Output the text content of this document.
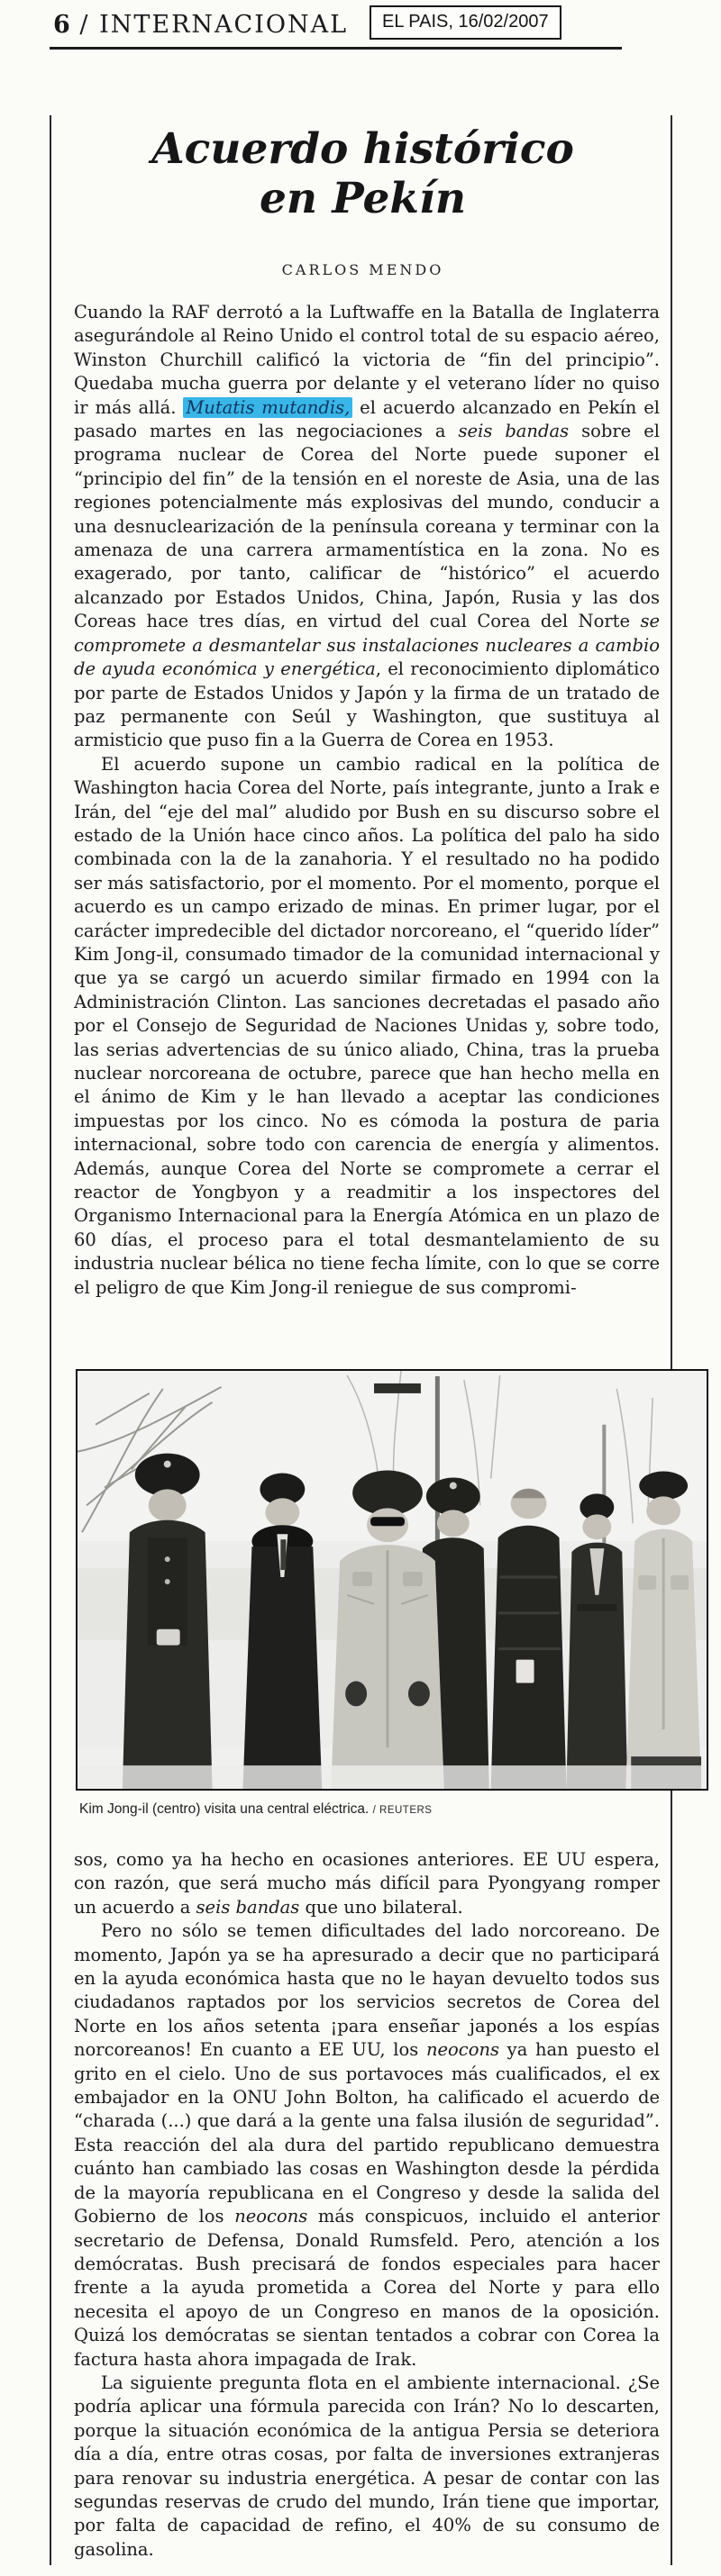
6 / INTERNACIONAL	EL PAIS, 16/02/2007
Acuerdo histórico
en Pekín
CARLOS MENDO

Cuando la RAF derrotó a la Luftwaffe en la Batalla de Inglaterra asegurándole al Reino Unido el control total de su espacio aéreo, Winston Churchill calificó la victoria de “fin del principio”. Quedaba mucha guerra por delante y el veterano líder no quiso ir más allá. Mutatis mutandis, el acuerdo alcanzado en Pekín el pasado martes en las negociaciones a seis bandas sobre el programa nuclear de Corea del Norte puede suponer el “principio del fin” de la tensión en el noreste de Asia, una de las regiones potencialmente más explosivas del mundo, conducir a una desnuclearización de la península coreana y terminar con la amenaza de una carrera armamentística en la zona. No es exagerado, por tanto, calificar de “histórico” el acuerdo alcanzado por Estados Unidos, China, Japón, Rusia y las dos Coreas hace tres días, en virtud del cual Corea del Norte se compromete a desmantelar sus instalaciones nucleares a cambio de ayuda económica y energética, el reconocimiento diplomático por parte de Estados Unidos y Japón y la firma de un tratado de paz permanente con Seúl y Washington, que sustituya al armisticio que puso fin a la Guerra de Corea en 1953.

El acuerdo supone un cambio radical en la política de Washington hacia Corea del Norte, país integrante, junto a Irak e Irán, del “eje del mal” aludido por Bush en su discurso sobre el estado de la Unión hace cinco años. La política del palo ha sido combinada con la de la zanahoria. Y el resultado no ha podido ser más satisfactorio, por el momento. Por el momento, porque el acuerdo es un campo erizado de minas. En primer lugar, por el carácter impredecible del dictador norcoreano, el “querido líder” Kim Jong-il, consumado timador de la comunidad internacional y que ya se cargó un acuerdo similar firmado en 1994 con la Administración Clinton. Las sanciones decretadas el pasado año por el Consejo de Seguridad de Naciones Unidas y, sobre todo, las serias advertencias de su único aliado, China, tras la prueba nuclear norcoreana de octubre, parece que han hecho mella en el ánimo de Kim y le han llevado a aceptar las condiciones impuestas por los cinco. No es cómoda la postura de paria internacional, sobre todo con carencia de energía y alimentos. Además, aunque Corea del Norte se compromete a cerrar el reactor de Yongbyon y a readmitir a los inspectores del Organismo Internacional para la Energía Atómica en un plazo de 60 días, el proceso para el total desmantelamiento de su industria nuclear bélica no tiene fecha límite, con lo que se corre el peligro de que Kim Jong-il reniegue de sus compromi-

Kim Jong-il (centro) visita una central eléctrica. / REUTERS

sos, como ya ha hecho en ocasiones anteriores. EE UU espera, con razón, que será mucho más difícil para Pyongyang romper un acuerdo a seis bandas que uno bilateral.

Pero no sólo se temen dificultades del lado norcoreano. De momento, Japón ya se ha apresurado a decir que no participará en la ayuda económica hasta que no le hayan devuelto todos sus ciudadanos raptados por los servicios secretos de Corea del Norte en los años setenta ¡para enseñar japonés a los espías norcoreanos! En cuanto a EE UU, los neocons ya han puesto el grito en el cielo. Uno de sus portavoces más cualificados, el ex embajador en la ONU John Bolton, ha calificado el acuerdo de “charada (...) que dará a la gente una falsa ilusión de seguridad”. Esta reacción del ala dura del partido republicano demuestra cuánto han cambiado las cosas en Washington desde la pérdida de la mayoría republicana en el Congreso y desde la salida del Gobierno de los neocons más conspicuos, incluido el anterior secretario de Defensa, Donald Rumsfeld. Pero, atención a los demócratas. Bush precisará de fondos especiales para hacer frente a la ayuda prometida a Corea del Norte y para ello necesita el apoyo de un Congreso en manos de la oposición. Quizá los demócratas se sientan tentados a cobrar con Corea la factura hasta ahora impagada de Irak.

La siguiente pregunta flota en el ambiente internacional. ¿Se podría aplicar una fórmula parecida con Irán? No lo descarten, porque la situación económica de la antigua Persia se deteriora día a día, entre otras cosas, por falta de inversiones extranjeras para renovar su industria energética. A pesar de contar con las segundas reservas de crudo del mundo, Irán tiene que importar, por falta de capacidad de refino, el 40% de su consumo de gasolina.
